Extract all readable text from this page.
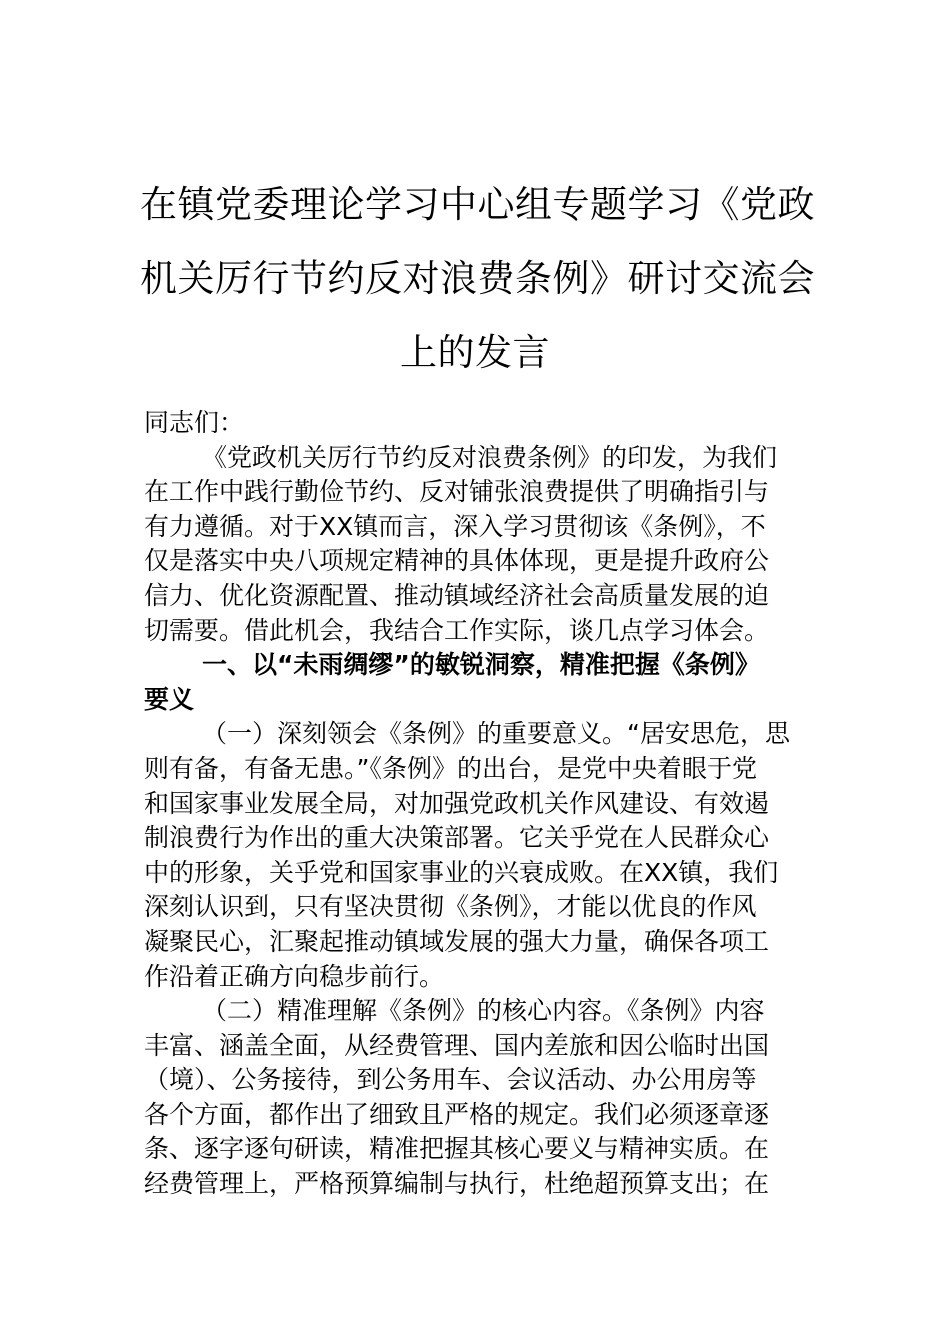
在镇党委理论学习中心组专题学习《党政
机关厉行节约反对浪费条例》研讨交流会
上的发言
同志们：
《党政机关厉行节约反对浪费条例》的印发，为我们
在工作中践行勤俭节约、反对铺张浪费提供了明确指引与
有力遵循。对于XX镇而言，深入学习贯彻该《条例》，不
仅是落实中央八项规定精神的具体体现，更是提升政府公
信力、优化资源配置、推动镇域经济社会高质量发展的迫
切需要。借此机会，我结合工作实际，谈几点学习体会。
一、以“未雨绸缪”的敏锐洞察，精准把握《条例》
要义
（一）深刻领会《条例》的重要意义。“居安思危，思
则有备，有备无患。”《条例》的出台，是党中央着眼于党
和国家事业发展全局，对加强党政机关作风建设、有效遏
制浪费行为作出的重大决策部署。它关乎党在人民群众心
中的形象，关乎党和国家事业的兴衰成败。在XX镇，我们
深刻认识到，只有坚决贯彻《条例》，才能以优良的作风
凝聚民心，汇聚起推动镇域发展的强大力量，确保各项工
作沿着正确方向稳步前行。
（二）精准理解《条例》的核心内容。《条例》内容
丰富、涵盖全面，从经费管理、国内差旅和因公临时出国
（境）、公务接待，到公务用车、会议活动、办公用房等
各个方面，都作出了细致且严格的规定。我们必须逐章逐
条、逐字逐句研读，精准把握其核心要义与精神实质。在
经费管理上，严格预算编制与执行，杜绝超预算支出；在
